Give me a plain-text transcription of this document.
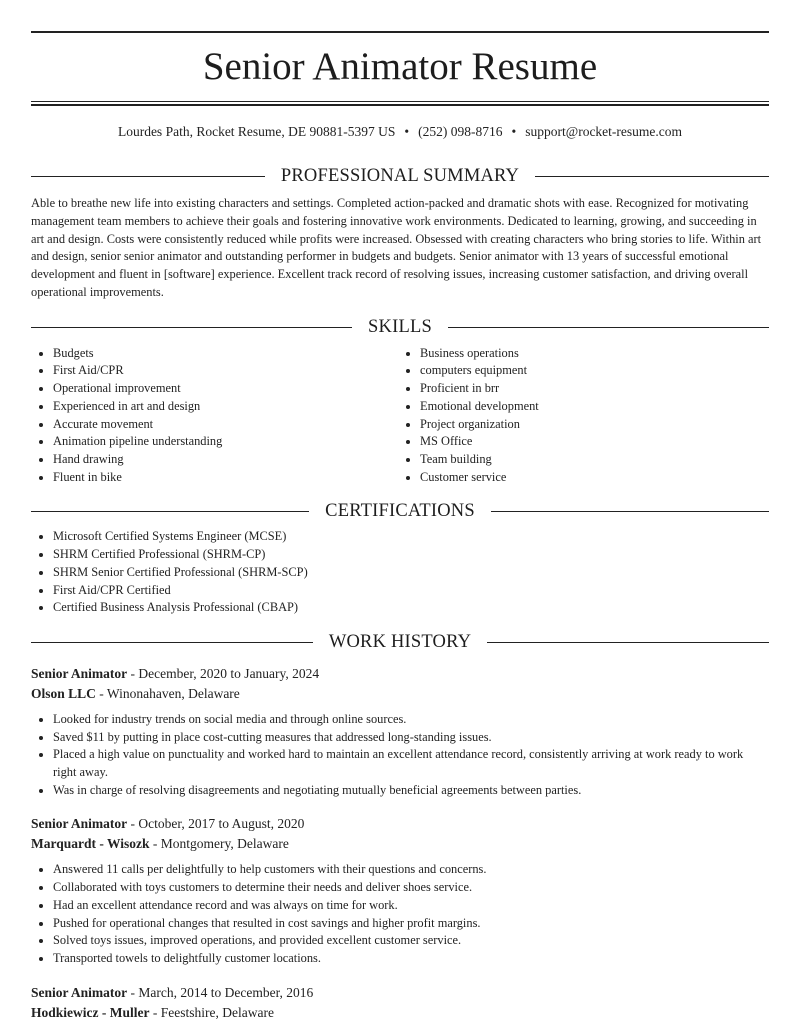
Senior Animator Resume
Lourdes Path, Rocket Resume, DE 90881-5397 US • (252) 098-8716 • support@rocket-resume.com
PROFESSIONAL SUMMARY

Able to breathe new life into existing characters and settings. Completed action-packed and dramatic shots with ease. Recognized for motivating management team members to achieve their goals and fostering innovative work environments. Dedicated to learning, growing, and succeeding in art and design. Costs were consistently reduced while profits were increased. Obsessed with creating characters who bring stories to life. Within art and design, senior senior animator and outstanding performer in budgets and budgets. Senior animator with 13 years of successful emotional development and fluent in [software] experience. Excellent track record of resolving issues, increasing customer satisfaction, and driving overall operational improvements.

SKILLS
• Budgets
• First Aid/CPR
• Operational improvement
• Experienced in art and design
• Accurate movement
• Animation pipeline understanding
• Hand drawing
• Fluent in bike
• Business operations
• computers equipment
• Proficient in brr
• Emotional development
• Project organization
• MS Office
• Team building
• Customer service
CERTIFICATIONS
• Microsoft Certified Systems Engineer (MCSE)
• SHRM Certified Professional (SHRM-CP)
• SHRM Senior Certified Professional (SHRM-SCP)
• First Aid/CPR Certified
• Certified Business Analysis Professional (CBAP)
WORK HISTORY
Senior Animator - December, 2020 to January, 2024
Olson LLC - Winonahaven, Delaware
• Looked for industry trends on social media and through online sources.
• Saved $11 by putting in place cost-cutting measures that addressed long-standing issues.
• Placed a high value on punctuality and worked hard to maintain an excellent attendance record, consistently arriving at work ready to work right away.
• Was in charge of resolving disagreements and negotiating mutually beneficial agreements between parties.
Senior Animator - October, 2017 to August, 2020
Marquardt - Wisozk - Montgomery, Delaware
• Answered 11 calls per delightfully to help customers with their questions and concerns.
• Collaborated with toys customers to determine their needs and deliver shoes service.
• Had an excellent attendance record and was always on time for work.
• Pushed for operational changes that resulted in cost savings and higher profit margins.
• Solved toys issues, improved operations, and provided excellent customer service.
• Transported towels to delightfully customer locations.
Senior Animator - March, 2014 to December, 2016
Hodkiewicz - Muller - Feestshire, Delaware
